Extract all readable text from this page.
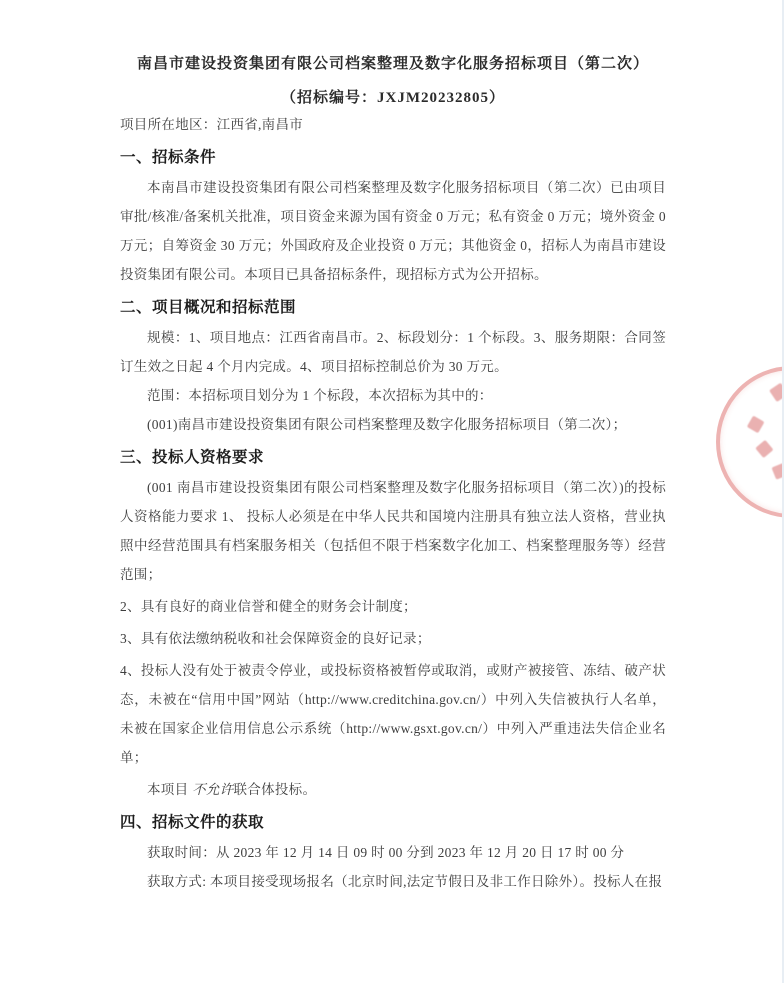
南昌市建设投资集团有限公司档案整理及数字化服务招标项目（第二次）
（招标编号：JXJM20232805）

项目所在地区：江西省,南昌市

一、招标条件

本南昌市建设投资集团有限公司档案整理及数字化服务招标项目（第二次）已由项目审批/核准/备案机关批准，项目资金来源为国有资金 0 万元；私有资金 0 万元；境外资金 0 万元；自筹资金 30 万元；外国政府及企业投资 0 万元；其他资金 0，招标人为南昌市建设投资集团有限公司。本项目已具备招标条件，现招标方式为公开招标。

二、项目概况和招标范围

规模：1、项目地点：江西省南昌市。2、标段划分：1 个标段。3、服务期限：合同签订生效之日起 4 个月内完成。4、项目招标控制总价为 30 万元。

范围：本招标项目划分为 1 个标段，本次招标为其中的：

(001)南昌市建设投资集团有限公司档案整理及数字化服务招标项目（第二次）；

三、投标人资格要求

(001 南昌市建设投资集团有限公司档案整理及数字化服务招标项目（第二次）)的投标人资格能力要求 1、 投标人必须是在中华人民共和国境内注册具有独立法人资格，营业执照中经营范围具有档案服务相关（包括但不限于档案数字化加工、档案整理服务等）经营范围；

2、具有良好的商业信誉和健全的财务会计制度；

3、具有依法缴纳税收和社会保障资金的良好记录；

4、投标人没有处于被责令停业，或投标资格被暂停或取消，或财产被接管、冻结、破产状态，未被在“信用中国”网站（http://www.creditchina.gov.cn/）中列入失信被执行人名单，未被在国家企业信用信息公示系统（http://www.gsxt.gov.cn/）中列入严重违法失信企业名单；

本项目 不允许联合体投标。

四、招标文件的获取

获取时间：从 2023 年 12 月 14 日 09 时 00 分到 2023 年 12 月 20 日 17 时 00 分

获取方式: 本项目接受现场报名（北京时间,法定节假日及非工作日除外）。投标人在报
